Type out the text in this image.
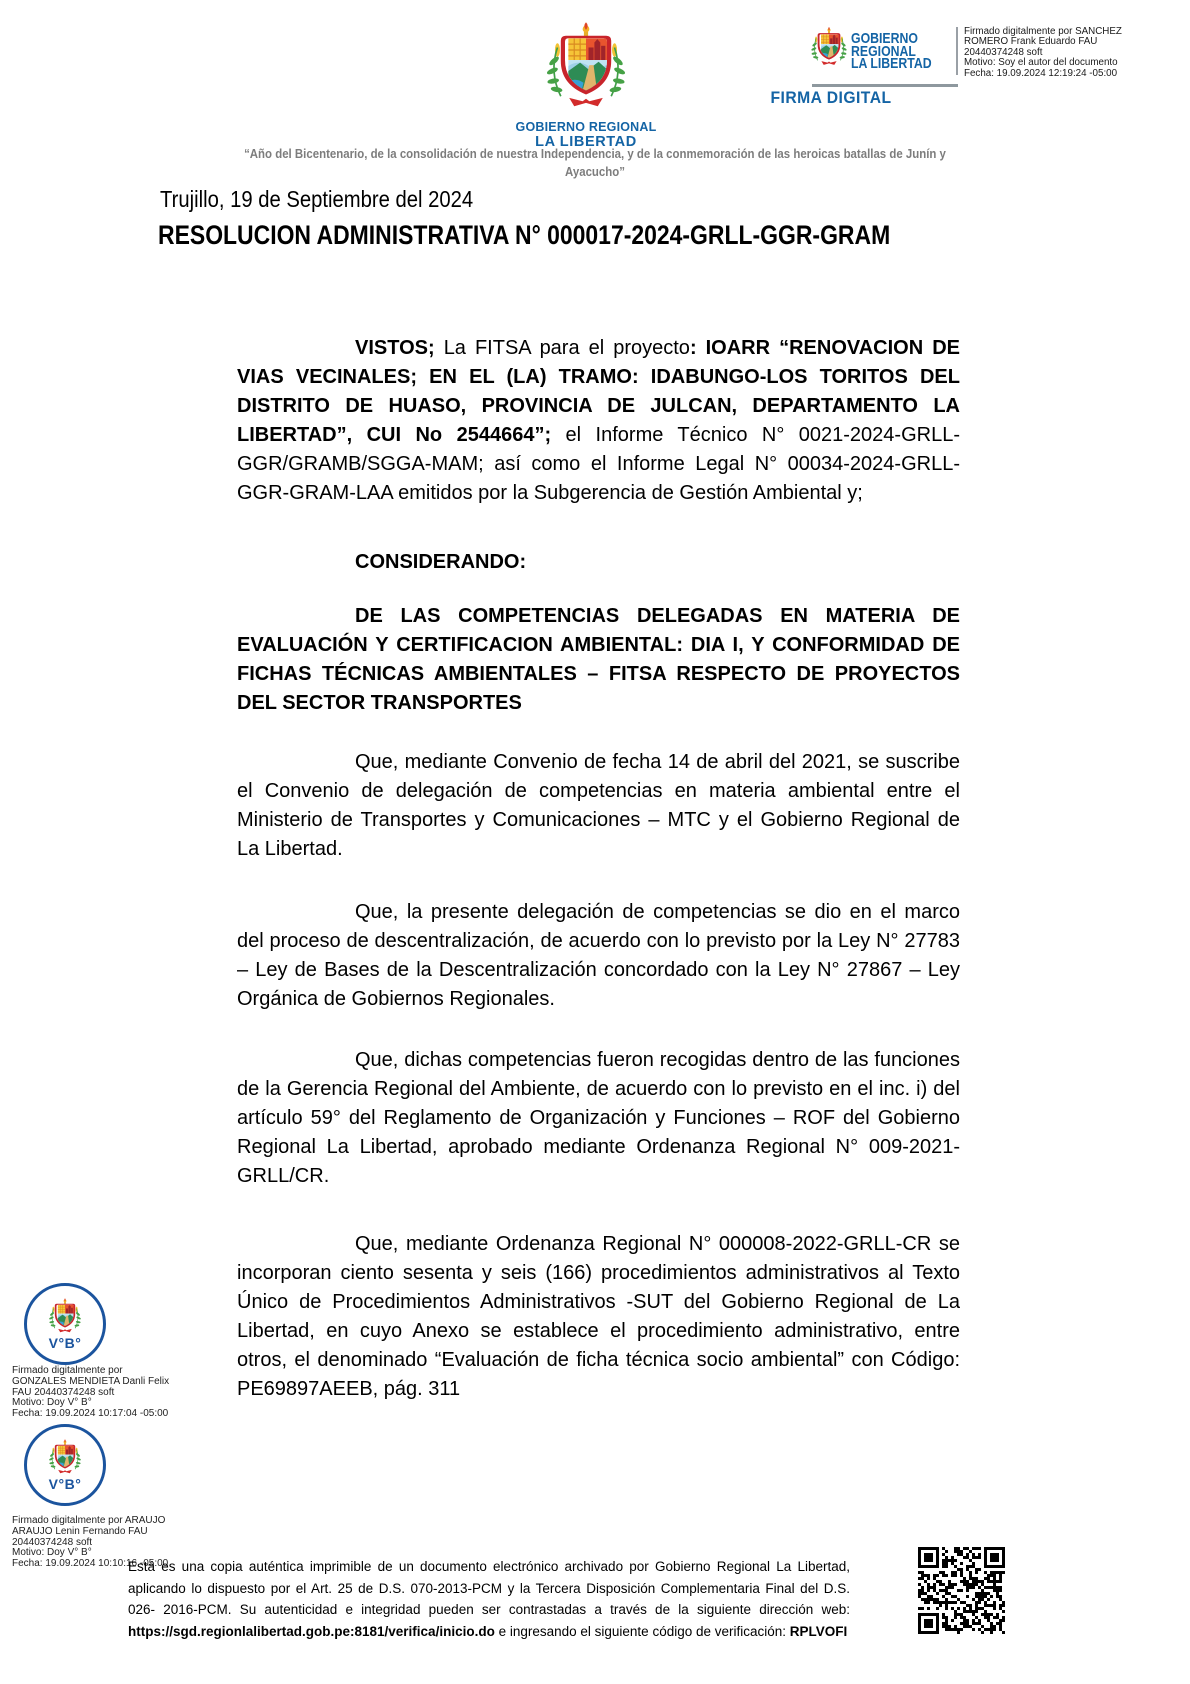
GOBIERNO REGIONAL
LA LIBERTAD
GOBIERNO
REGIONAL
LA LIBERTAD
Firmado digitalmente por SANCHEZ
ROMERO Frank Eduardo FAU
20440374248 soft
Motivo: Soy el autor del documento
Fecha: 19.09.2024 12:19:24 -05:00
FIRMA DIGITAL
“Año del Bicentenario, de la consolidación de nuestra Independencia, y de la conmemoración de las heroicas batallas de Junín y
Ayacucho”
Trujillo, 19 de Septiembre del 2024
RESOLUCION ADMINISTRATIVA N° 000017-2024-GRLL-GGR-GRAM

VISTOS; La FITSA para el proyecto: IOARR “RENOVACION DE VIAS VECINALES; EN EL (LA) TRAMO: IDABUNGO-LOS TORITOS DEL DISTRITO DE HUASO, PROVINCIA DE JULCAN, DEPARTAMENTO LA LIBERTAD”, CUI No 2544664”; el Informe Técnico N° 0021-2024-GRLL-GGR/GRAMB/SGGA-MAM; así como el Informe Legal N° 00034-2024-GRLL-GGR-GRAM-LAA emitidos por la Subgerencia de Gestión Ambiental y;

CONSIDERANDO:

DE LAS COMPETENCIAS DELEGADAS EN MATERIA DE EVALUACIÓN Y CERTIFICACION AMBIENTAL: DIA I, Y CONFORMIDAD DE FICHAS TÉCNICAS AMBIENTALES – FITSA RESPECTO DE PROYECTOS DEL SECTOR TRANSPORTES

Que, mediante Convenio de fecha 14 de abril del 2021, se suscribe el Convenio de delegación de competencias en materia ambiental entre el Ministerio de Transportes y Comunicaciones – MTC y el Gobierno Regional de La Libertad.

Que, la presente delegación de competencias se dio en el marco del proceso de descentralización, de acuerdo con lo previsto por la Ley N° 27783 – Ley de Bases de la Descentralización concordado con la Ley N° 27867 – Ley Orgánica de Gobiernos Regionales.

Que, dichas competencias fueron recogidas dentro de las funciones de la Gerencia Regional del Ambiente, de acuerdo con lo previsto en el inc. i) del artículo 59° del Reglamento de Organización y Funciones – ROF del Gobierno Regional La Libertad, aprobado mediante Ordenanza Regional N° 009-2021-GRLL/CR.

Que, mediante Ordenanza Regional N° 000008-2022-GRLL-CR se incorporan ciento sesenta y seis (166) procedimientos administrativos al Texto Único de Procedimientos Administrativos -SUT del Gobierno Regional de La Libertad, en cuyo Anexo se establece el procedimiento administrativo, entre otros, el denominado “Evaluación de ficha técnica socio ambiental” con Código: PE69897AEEB, pág. 311

V°B°
Firmado digitalmente por
GONZALES MENDIETA Danli Felix
FAU 20440374248 soft
Motivo: Doy V° B°
Fecha: 19.09.2024 10:17:04 -05:00
V°B°
Firmado digitalmente por ARAUJO
ARAUJO Lenin Fernando FAU
20440374248 soft
Motivo: Doy V° B°
Fecha: 19.09.2024 10:10:16 -05:00
Está es una copia auténtica imprimible de un documento electrónico archivado por Gobierno Regional La Libertad, aplicando lo dispuesto por el Art. 25 de D.S. 070-2013-PCM y la Tercera Disposición Complementaria Final del D.S. 026- 2016-PCM. Su autenticidad e integridad pueden ser contrastadas a través de la siguiente dirección web: https://sgd.regionlalibertad.gob.pe:8181/verifica/inicio.do e ingresando el siguiente código de verificación: RPLVOFI
